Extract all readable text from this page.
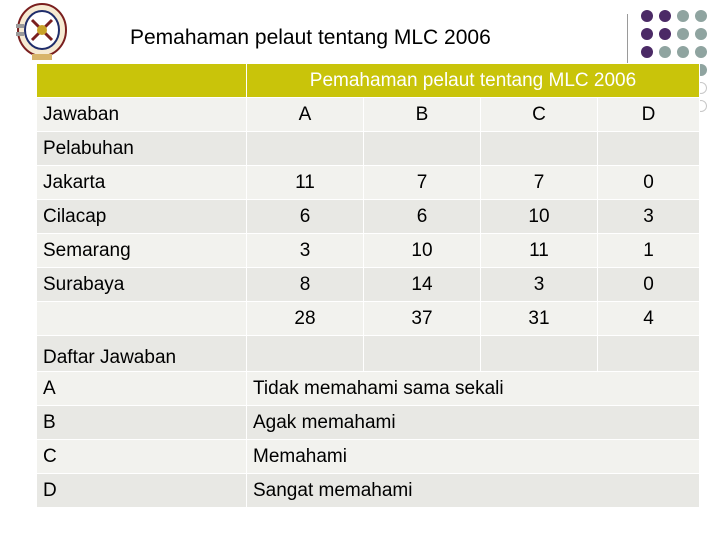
Pemahaman pelaut tentang MLC 2006
	Pemahaman pelaut tentang MLC 2006			
Jawaban	A	B	C	D
Pelabuhan				
Jakarta	11	7	7	0
Cilacap	6	6	10	3
Semarang	3	10	11	1
Surabaya	8	14	3	0
	28	37	31	4
Daftar Jawaban				
A	Tidak memahami sama sekali			
B	Agak memahami			
C	Memahami			
D	Sangat memahami			
